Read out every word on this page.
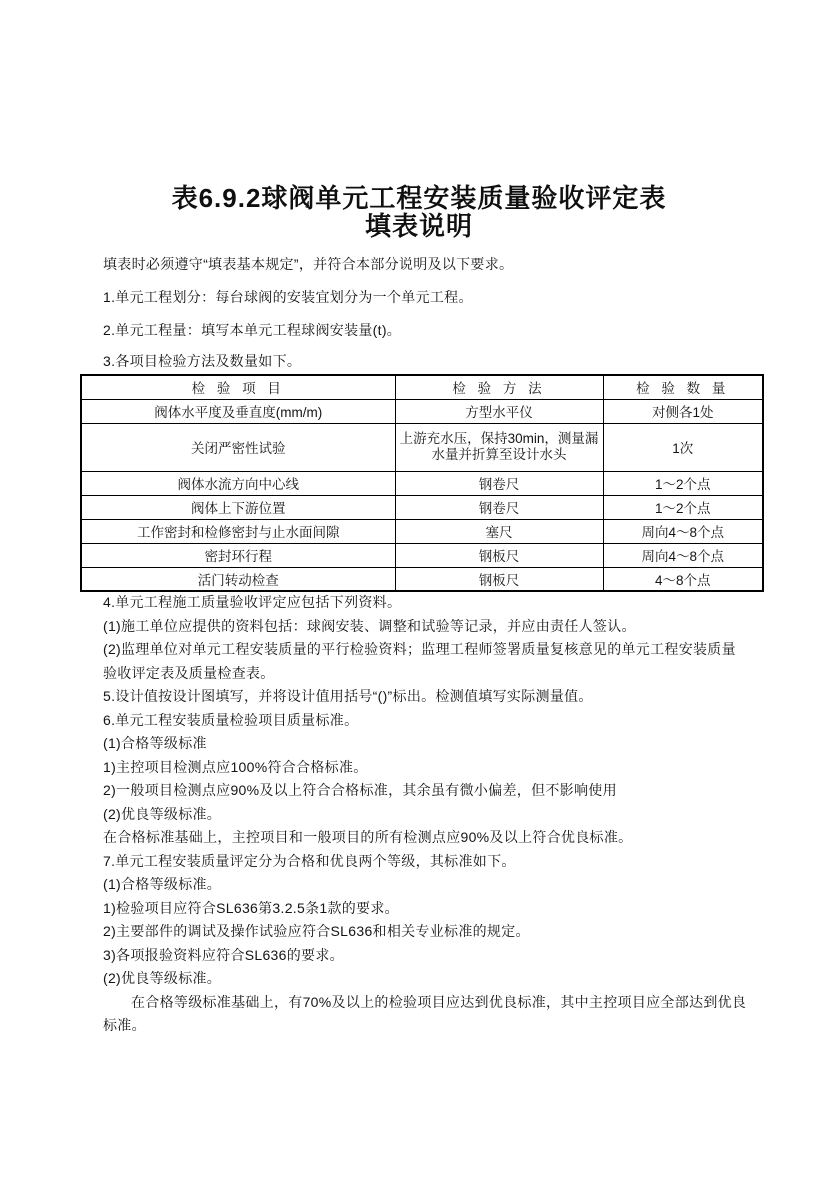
表6.9.2球阀单元工程安装质量验收评定表
填表说明

填表时必须遵守“填表基本规定”，并符合本部分说明及以下要求。

1.单元工程划分：每台球阀的安装宜划分为一个单元工程。

2.单元工程量：填写本单元工程球阀安装量(t)。

3.各项目检验方法及数量如下。

检 验 项 目	检 验 方 法	检 验 数 量
阀体水平度及垂直度(mm/m)	方型水平仪	对侧各1处
关闭严密性试验	上游充水压，保持30min，测量漏水量并折算至设计水头	1次
阀体水流方向中心线	钢卷尺	1～2个点
阀体上下游位置	钢卷尺	1～2个点
工作密封和检修密封与止水面间隙	塞尺	周向4～8个点
密封环行程	钢板尺	周向4～8个点
活门转动检查	钢板尺	4～8个点

4.单元工程施工质量验收评定应包括下列资料。

(1)施工单位应提供的资料包括：球阀安装、调整和试验等记录，并应由责任人签认。

(2)监理单位对单元工程安装质量的平行检验资料；监理工程师签署质量复核意见的单元工程安装质量验收评定表及质量检查表。

5.设计值按设计图填写，并将设计值用括号“()”标出。检测值填写实际测量值。

6.单元工程安装质量检验项目质量标准。

(1)合格等级标准

1)主控项目检测点应100%符合合格标准。

2)一般项目检测点应90%及以上符合合格标准，其余虽有微小偏差，但不影响使用

(2)优良等级标准。

在合格标准基础上，主控项目和一般项目的所有检测点应90%及以上符合优良标准。

7.单元工程安装质量评定分为合格和优良两个等级，其标准如下。

(1)合格等级标准。

1)检验项目应符合SL636第3.2.5条1款的要求。

2)主要部件的调试及操作试验应符合SL636和相关专业标准的规定。

3)各项报验资料应符合SL636的要求。

(2)优良等级标准。

在合格等级标准基础上，有70%及以上的检验项目应达到优良标准，其中主控项目应全部达到优良标准。
